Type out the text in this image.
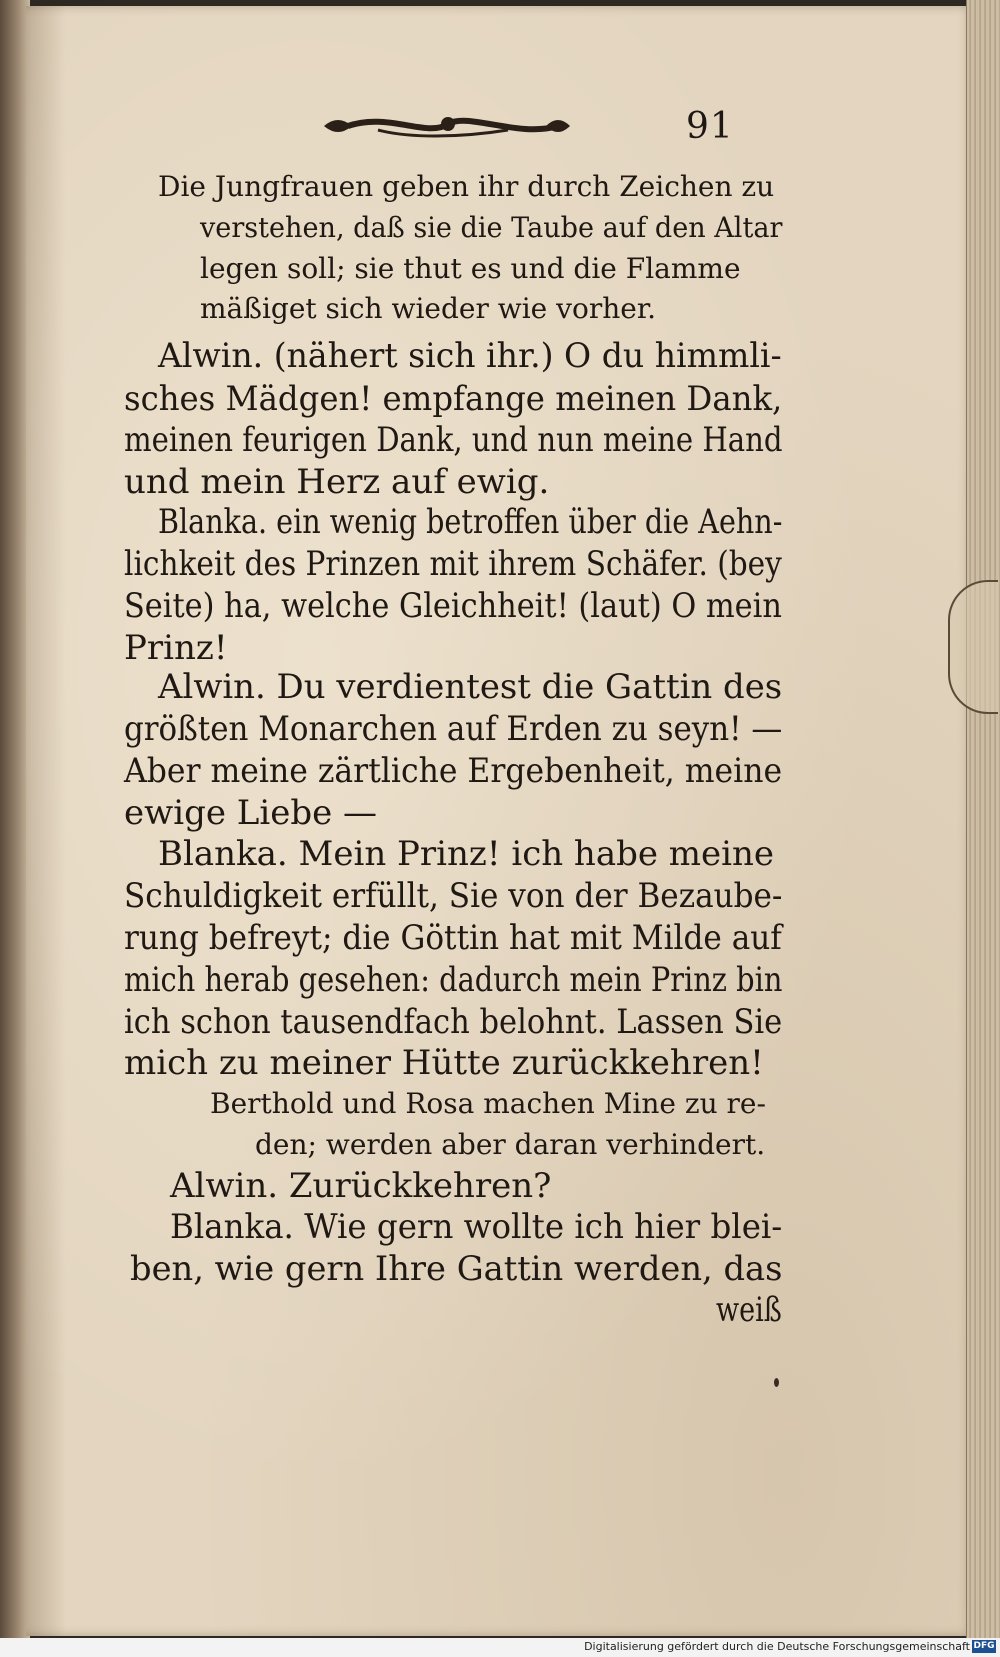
91
Die Jungfrauen geben ihr durch Zeichen zu
verstehen, daß sie die Taube auf den Altar
legen soll; sie thut es und die Flamme
mäßiget sich wieder wie vorher.
Alwin. (nähert sich ihr.) O du himmli-
sches Mädgen! empfange meinen Dank,
meinen feurigen Dank, und nun meine Hand
und mein Herz auf ewig.
Blanka. ein wenig betroffen über die Aehn-
lichkeit des Prinzen mit ihrem Schäfer. (bey
Seite) ha, welche Gleichheit! (laut) O mein
Prinz!
Alwin. Du verdientest die Gattin des
größten Monarchen auf Erden zu seyn! —
Aber meine zärtliche Ergebenheit, meine
ewige Liebe —
Blanka. Mein Prinz! ich habe meine
Schuldigkeit erfüllt, Sie von der Bezaube-
rung befreyt; die Göttin hat mit Milde auf
mich herab gesehen: dadurch mein Prinz bin
ich schon tausendfach belohnt. Lassen Sie
mich zu meiner Hütte zurückkehren!
Berthold und Rosa machen Mine zu re-
den; werden aber daran verhindert.
Alwin. Zurückkehren?
Blanka. Wie gern wollte ich hier blei-
ben, wie gern Ihre Gattin werden, das
weiß
Digitalisierung gefördert durch die Deutsche Forschungsgemeinschaft DFG
